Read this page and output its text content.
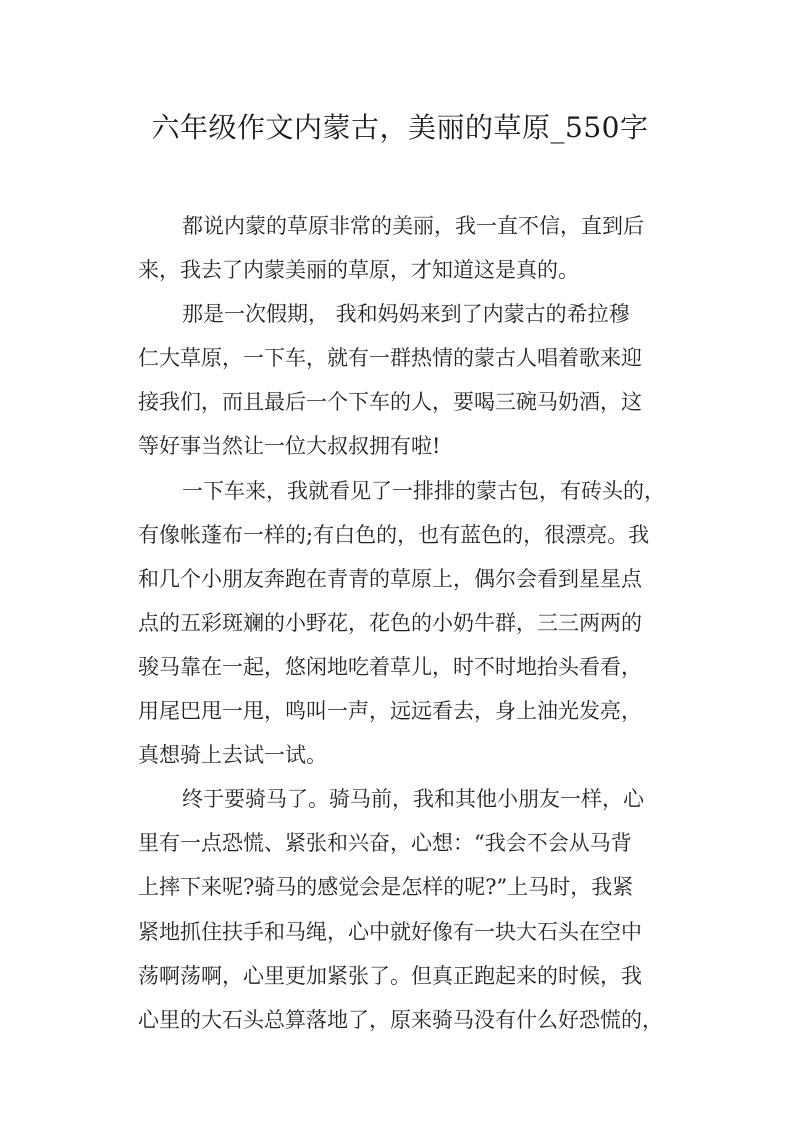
六年级作文内蒙古，美丽的草原_550字

都说内蒙的草原非常的美丽，我一直不信，直到后
来，我去了内蒙美丽的草原，才知道这是真的。

那是一次假期， 我和妈妈来到了内蒙古的希拉穆
仁大草原，一下车，就有一群热情的蒙古人唱着歌来迎
接我们，而且最后一个下车的人，要喝三碗马奶酒，这
等好事当然让一位大叔叔拥有啦!

一下车来，我就看见了一排排的蒙古包，有砖头的，
有像帐蓬布一样的;有白色的，也有蓝色的，很漂亮。我
和几个小朋友奔跑在青青的草原上，偶尔会看到星星点
点的五彩斑斓的小野花，花色的小奶牛群，三三两两的
骏马靠在一起，悠闲地吃着草儿，时不时地抬头看看，
用尾巴甩一甩，鸣叫一声，远远看去，身上油光发亮，
真想骑上去试一试。

终于要骑马了。骑马前，我和其他小朋友一样，心
里有一点恐慌、紧张和兴奋，心想：“我会不会从马背
上摔下来呢?骑马的感觉会是怎样的呢?”上马时，我紧
紧地抓住扶手和马绳，心中就好像有一块大石头在空中
荡啊荡啊，心里更加紧张了。但真正跑起来的时候，我
心里的大石头总算落地了，原来骑马没有什么好恐慌的，
